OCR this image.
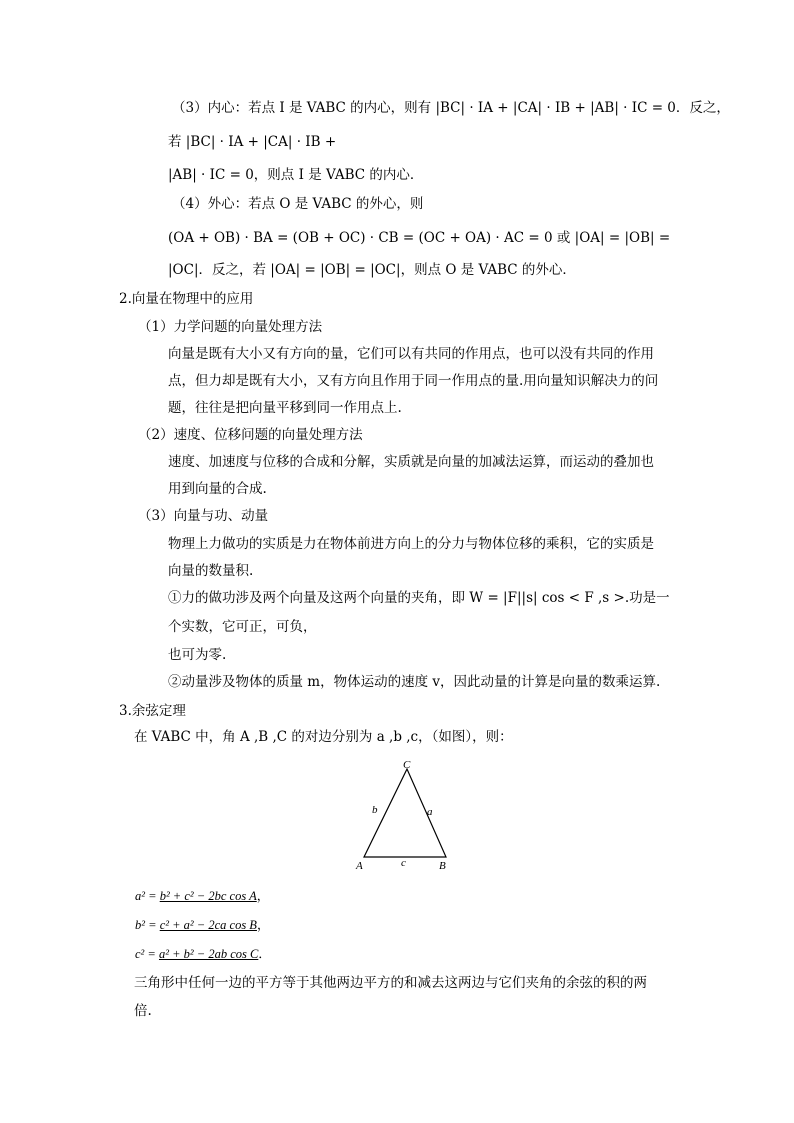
（3）内心：若点 I 是 VABC 的内心，则有 |BC| · IA + |CA| · IB + |AB| · IC = 0．反之，
若 |BC| · IA + |CA| · IB +
|AB| · IC = 0，则点 I 是 VABC 的内心．
（4）外心：若点 O 是 VABC 的外心，则
(OA + OB) · BA = (OB + OC) · CB = (OC + OA) · AC = 0 或 |OA| = |OB| =
|OC|．反之，若 |OA| = |OB| = |OC|，则点 O 是 VABC 的外心．
2.向量在物理中的应用
（1）力学问题的向量处理方法
向量是既有大小又有方向的量，它们可以有共同的作用点，也可以没有共同的作用
点，但力却是既有大小，又有方向且作用于同一作用点的量.用向量知识解决力的问
题，往往是把向量平移到同一作用点上.
（2）速度、位移问题的向量处理方法
速度、加速度与位移的合成和分解，实质就是向量的加减法运算，而运动的叠加也
用到向量的合成.
（3）向量与功、动量
物理上力做功的实质是力在物体前进方向上的分力与物体位移的乘积，它的实质是
向量的数量积.
①力的做功涉及两个向量及这两个向量的夹角，即 W = |F||s| cos < F ,s >.功是一
个实数，它可正，可负，
也可为零.
②动量涉及物体的质量 m，物体运动的速度 v，因此动量的计算是向量的数乘运算.
3.余弦定理
在 VABC 中，角 A ,B ,C 的对边分别为 a ,b ,c，（如图），则：
C
A	B
b	a
c
a² = b² + c² − 2bc cos A，
b² = c² + a² − 2ca cos B，
c² = a² + b² − 2ab cos C．
三角形中任何一边的平方等于其他两边平方的和减去这两边与它们夹角的余弦的积的两
倍.
